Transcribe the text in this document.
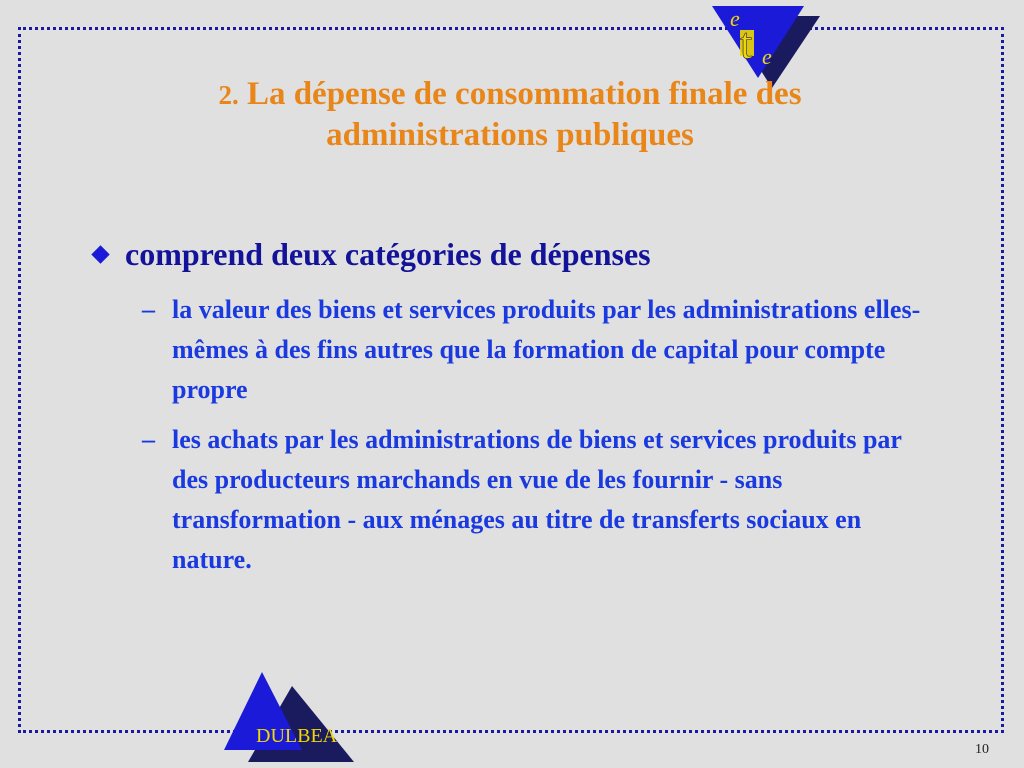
e
t e
2. La dépense de consommation finale des administrations publiques
comprend deux catégories de dépenses
– la valeur des biens et services produits par les administrations elles-mêmes à des fins autres que la formation de capital pour compte propre
– les achats par les administrations de biens et services produits par des producteurs marchands en vue de les fournir - sans transformation - aux ménages au titre de transferts sociaux en nature.
DULBEA
10
